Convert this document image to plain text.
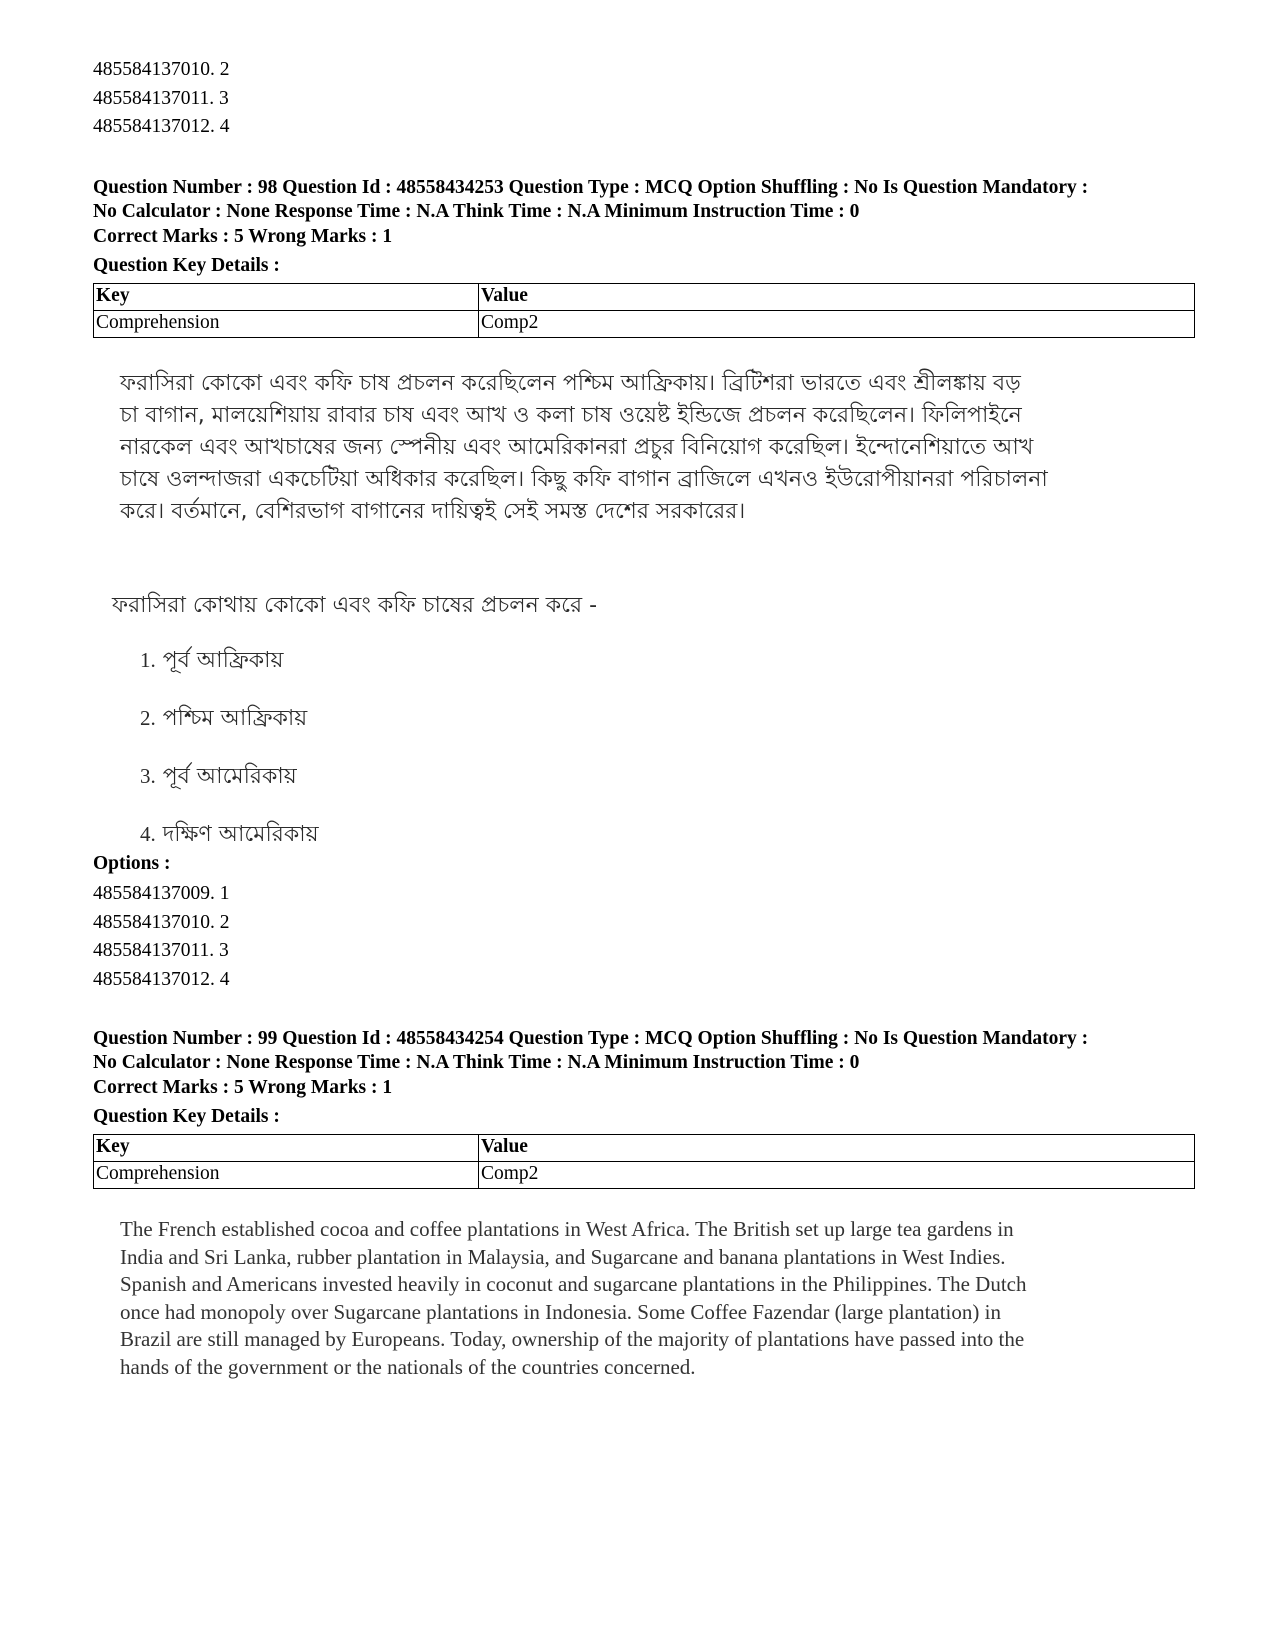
485584137010. 2
485584137011. 3
485584137012. 4
Question Number : 98 Question Id : 48558434253 Question Type : MCQ Option Shuffling : No Is Question Mandatory :
No Calculator : None Response Time : N.A Think Time : N.A Minimum Instruction Time : 0
Correct Marks : 5 Wrong Marks : 1
Question Key Details :
Key	Value
Comprehension	Comp2
ফরাসিরা কোকো এবং কফি চাষ প্রচলন করেছিলেন পশ্চিম আফ্রিকায়। ব্রিটিশরা ভারতে এবং শ্রীলঙ্কায় বড়
চা বাগান, মালয়েশিয়ায় রাবার চাষ এবং আখ ও কলা চাষ ওয়েষ্ট ইন্ডিজে প্রচলন করেছিলেন। ফিলিপাইনে
নারকেল এবং আখচাষের জন্য স্পেনীয় এবং আমেরিকানরা প্রচুর বিনিয়োগ করেছিল। ইন্দোনেশিয়াতে আখ
চাষে ওলন্দাজরা একচেটিয়া অধিকার করেছিল। কিছু কফি বাগান ব্রাজিলে এখনও ইউরোপীয়ানরা পরিচালনা
করে। বর্তমানে, বেশিরভাগ বাগানের দায়িত্বই সেই সমস্ত দেশের সরকারের।
ফরাসিরা কোথায় কোকো এবং কফি চাষের প্রচলন করে -
1. পূর্ব আফ্রিকায়
2. পশ্চিম আফ্রিকায়
3. পূর্ব আমেরিকায়
4. দক্ষিণ আমেরিকায়
Options :
485584137009. 1
485584137010. 2
485584137011. 3
485584137012. 4
Question Number : 99 Question Id : 48558434254 Question Type : MCQ Option Shuffling : No Is Question Mandatory :
No Calculator : None Response Time : N.A Think Time : N.A Minimum Instruction Time : 0
Correct Marks : 5 Wrong Marks : 1
Question Key Details :
Key	Value
Comprehension	Comp2
The French established cocoa and coffee plantations in West Africa. The British set up large tea gardens in
India and Sri Lanka, rubber plantation in Malaysia, and Sugarcane and banana plantations in West Indies.
Spanish and Americans invested heavily in coconut and sugarcane plantations in the Philippines. The Dutch
once had monopoly over Sugarcane plantations in Indonesia. Some Coffee Fazendar (large plantation) in
Brazil are still managed by Europeans. Today, ownership of the majority of plantations have passed into the
hands of the government or the nationals of the countries concerned.
